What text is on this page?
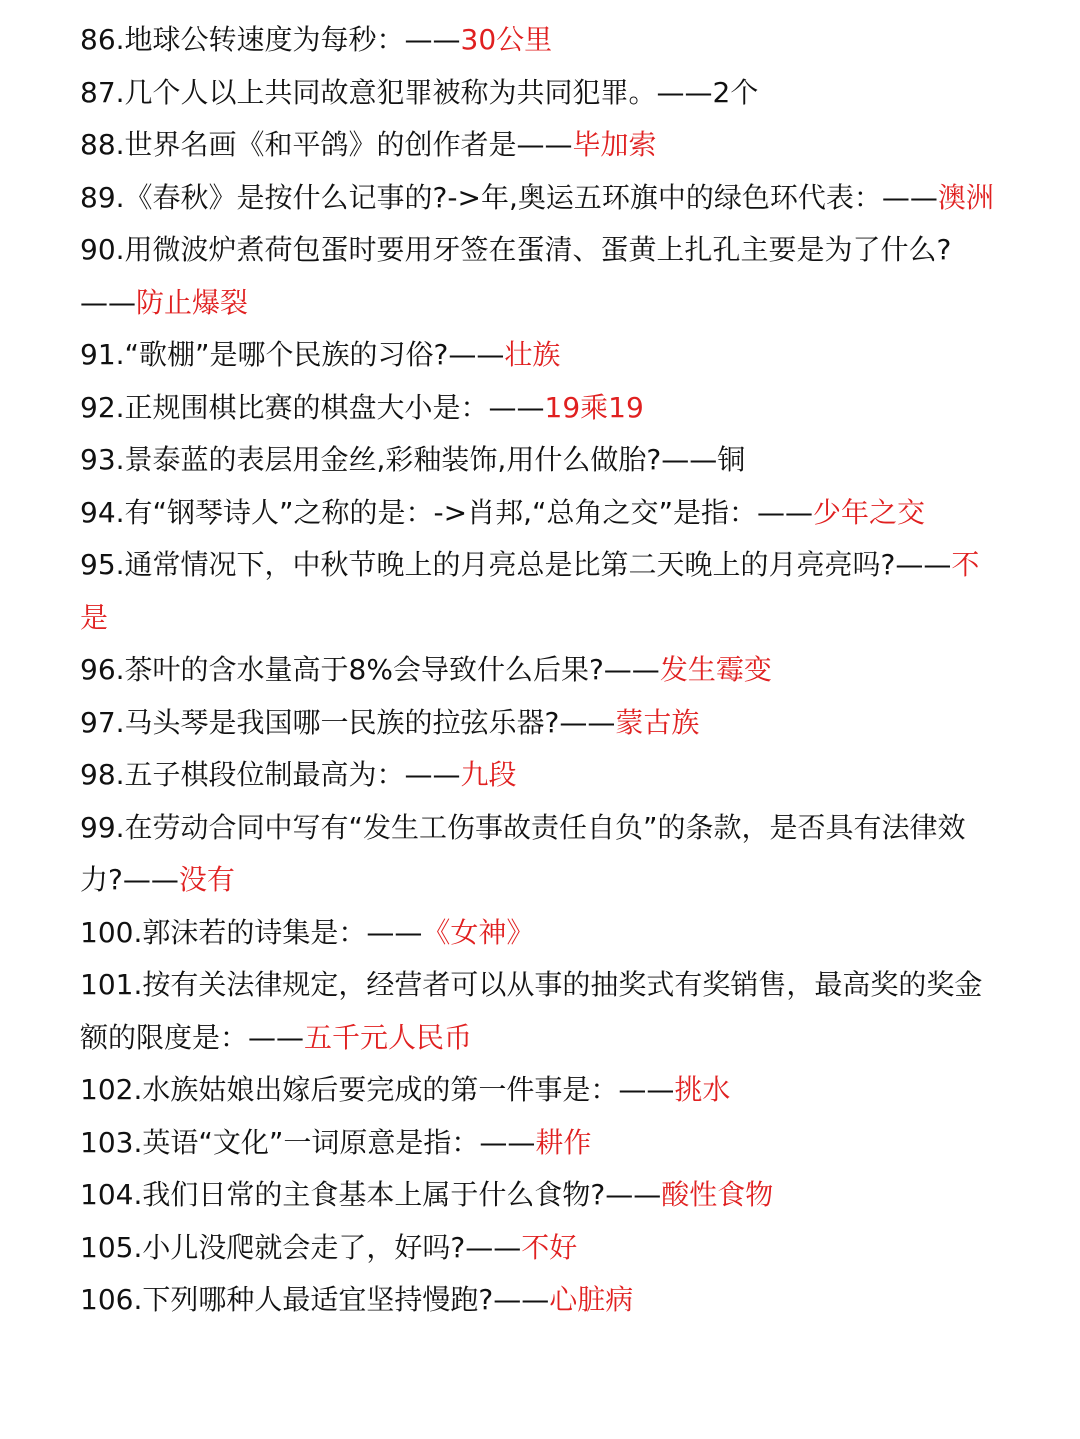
86.地球公转速度为每秒：——30公里
87.几个人以上共同故意犯罪被称为共同犯罪。——2个
88.世界名画《和平鸽》的创作者是——毕加索
89.《春秋》是按什么记事的?->年,奥运五环旗中的绿色环代表：——澳洲
90.用微波炉煮荷包蛋时要用牙签在蛋清、蛋黄上扎孔主要是为了什么?——防止爆裂
91.“歌棚”是哪个民族的习俗?——壮族
92.正规围棋比赛的棋盘大小是：——19乘19
93.景泰蓝的表层用金丝,彩釉装饰,用什么做胎?——铜
94.有“钢琴诗人”之称的是：->肖邦,“总角之交”是指：——少年之交
95.通常情况下，中秋节晚上的月亮总是比第二天晚上的月亮亮吗?——不是
96.茶叶的含水量高于8%会导致什么后果?——发生霉变
97.马头琴是我国哪一民族的拉弦乐器?——蒙古族
98.五子棋段位制最高为：——九段
99.在劳动合同中写有“发生工伤事故责任自负”的条款，是否具有法律效力?——没有
100.郭沫若的诗集是：——《女神》
101.按有关法律规定，经营者可以从事的抽奖式有奖销售，最高奖的奖金额的限度是：——五千元人民币
102.水族姑娘出嫁后要完成的第一件事是：——挑水
103.英语“文化”一词原意是指：——耕作
104.我们日常的主食基本上属于什么食物?——酸性食物
105.小儿没爬就会走了，好吗?——不好
106.下列哪种人最适宜坚持慢跑?——心脏病
